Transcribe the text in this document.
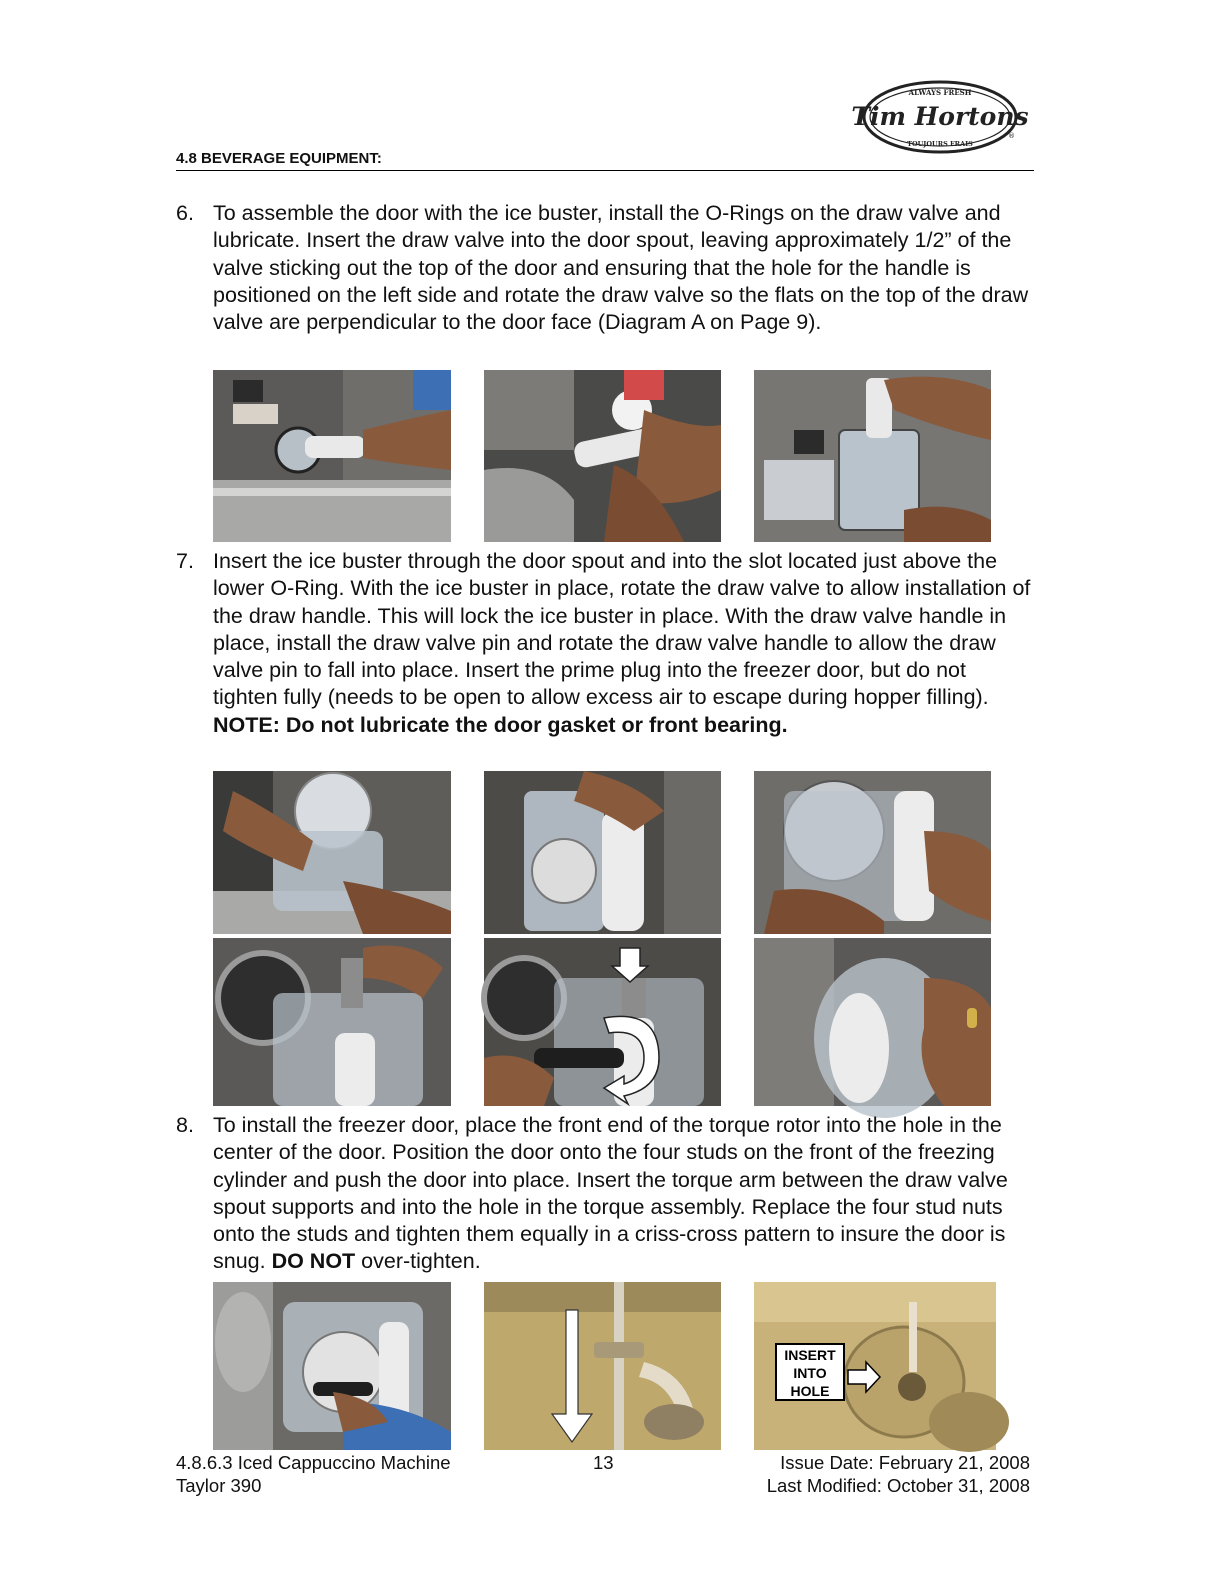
ALWAYS FRESH
Tim Hortons
TOUJOURS FRAIS
®
4.8 BEVERAGE EQUIPMENT:
6. To assemble the door with the ice buster, install the O-Rings on the draw valve and lubricate. Insert the draw valve into the door spout, leaving approximately 1/2” of the valve sticking out the top of the door and ensuring that the hole for the handle is positioned on the left side and rotate the draw valve so the flats on the top of the draw valve are perpendicular to the door face (Diagram A on Page 9).
7. Insert the ice buster through the door spout and into the slot located just above the lower O-Ring. With the ice buster in place, rotate the draw valve to allow installation of the draw handle. This will lock the ice buster in place. With the draw valve handle in place, install the draw valve pin and rotate the draw valve handle to allow the draw valve pin to fall into place. Insert the prime plug into the freezer door, but do not tighten fully (needs to be open to allow excess air to escape during hopper filling).
NOTE: Do not lubricate the door gasket or front bearing.
8. To install the freezer door, place the front end of the torque rotor into the hole in the center of the door. Position the door onto the four studs on the front of the freezing cylinder and push the door into place. Insert the torque arm between the draw valve spout supports and into the hole in the torque assembly. Replace the four stud nuts onto the studs and tighten them equally in a criss-cross pattern to insure the door is snug. DO NOT over-tighten.
INSERT
INTO
HOLE
4.8.6.3 Iced Cappuccino Machine
Taylor 390
13	Issue Date: February 21, 2008
Last Modified: October 31, 2008
